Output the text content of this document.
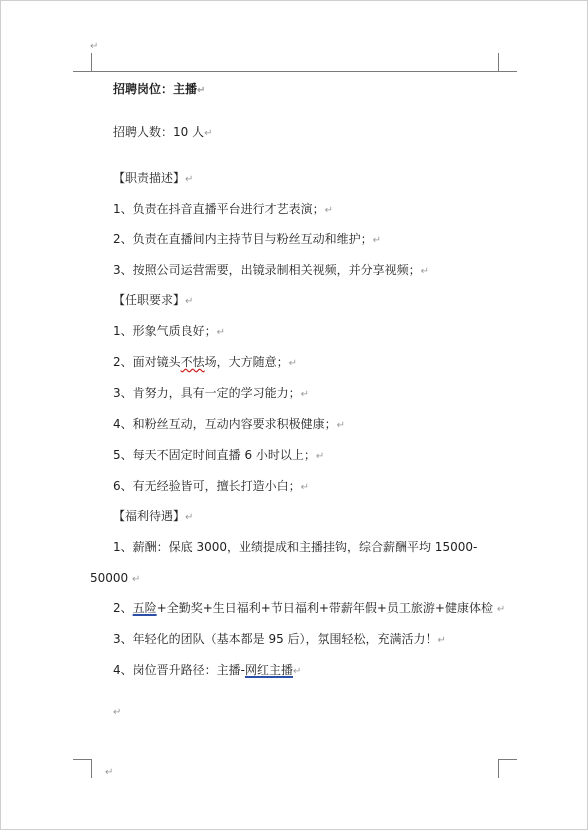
↵
招聘岗位：主播↵
招聘人数：10 人↵
【职责描述】↵
1、负责在抖音直播平台进行才艺表演；↵
2、负责在直播间内主持节目与粉丝互动和维护；↵
3、按照公司运营需要，出镜录制相关视频，并分享视频；↵
【任职要求】↵
1、形象气质良好；↵
2、面对镜头不怯场，大方随意；↵
3、肯努力，具有一定的学习能力；↵
4、和粉丝互动，互动内容要求积极健康；↵
5、每天不固定时间直播 6 小时以上；↵
6、有无经验皆可，擅长打造小白；↵
【福利待遇】↵
1、薪酬：保底 3000，业绩提成和主播挂钩，综合薪酬平均 15000-
50000 ↵
2、五险+全勤奖+生日福利+节日福利+带薪年假+员工旅游+健康体检 ↵
3、年轻化的团队（基本都是 95 后），氛围轻松，充满活力！↵
4、岗位晋升路径：主播-网红主播↵
↵
↵
